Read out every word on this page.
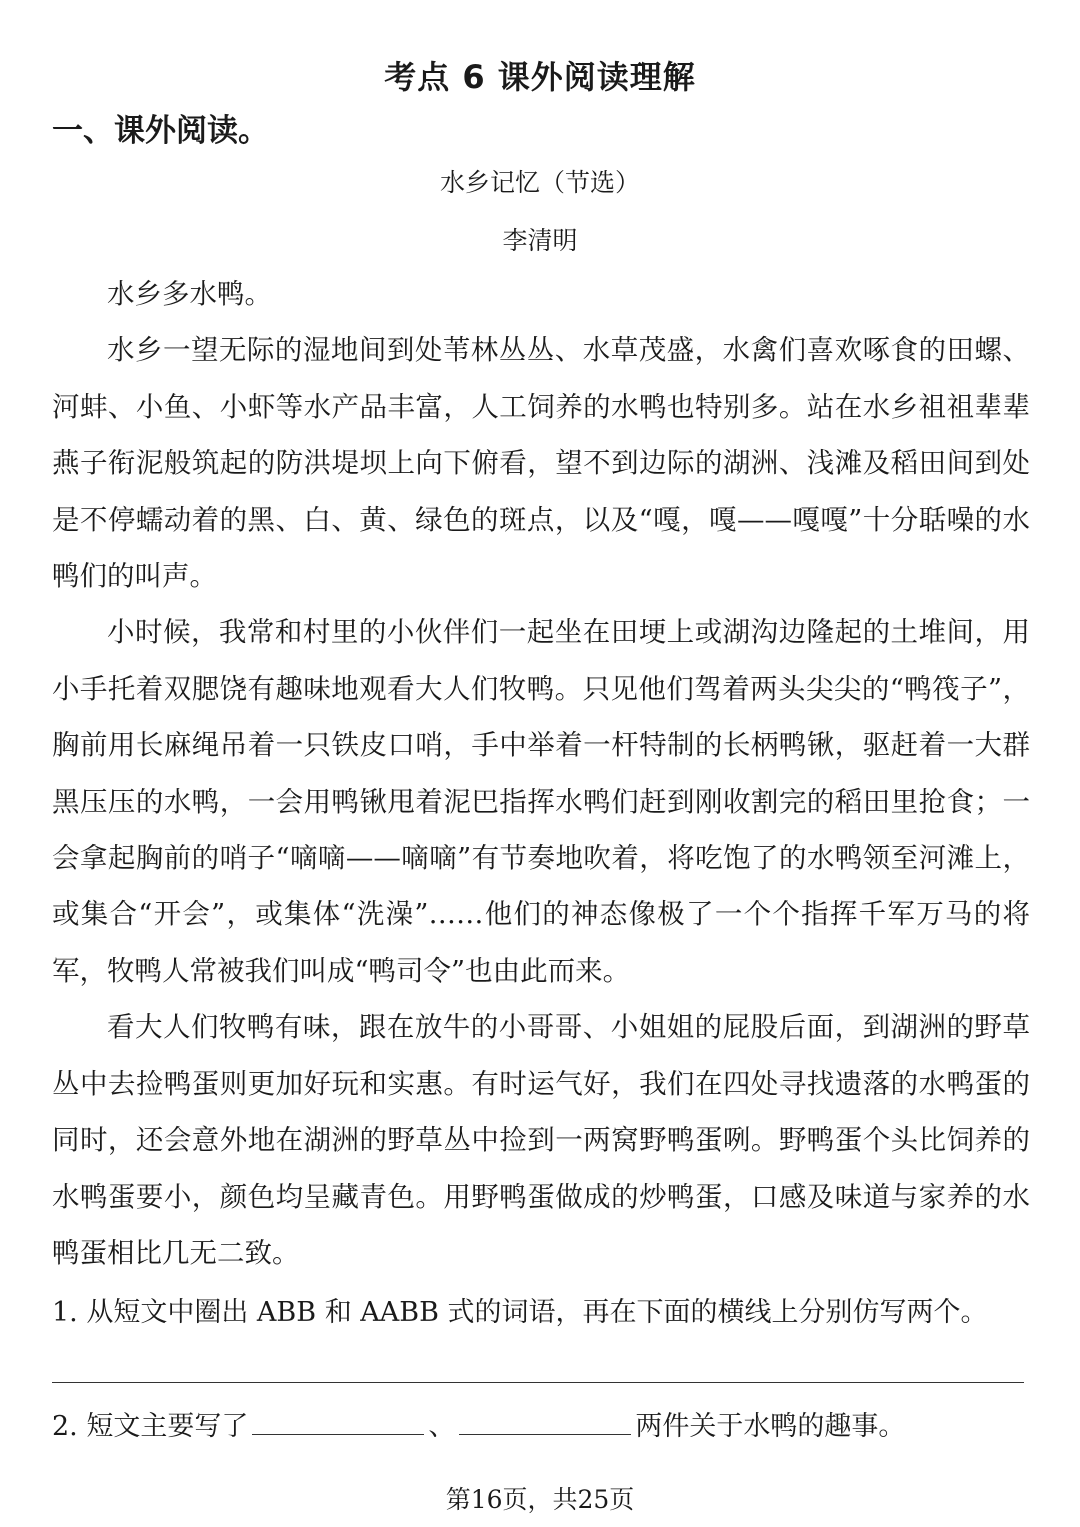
考点 6 课外阅读理解
一、课外阅读。
水乡记忆（节选）
李清明

水乡多水鸭。

水乡一望无际的湿地间到处苇林丛丛、水草茂盛，水禽们喜欢啄食的田螺、河蚌、小鱼、小虾等水产品丰富，人工饲养的水鸭也特别多。站在水乡祖祖辈辈燕子衔泥般筑起的防洪堤坝上向下俯看，望不到边际的湖洲、浅滩及稻田间到处是不停蠕动着的黑、白、黄、绿色的斑点，以及“嘎，嘎——嘎嘎”十分聒噪的水鸭们的叫声。

小时候，我常和村里的小伙伴们一起坐在田埂上或湖沟边隆起的土堆间，用小手托着双腮饶有趣味地观看大人们牧鸭。只见他们驾着两头尖尖的“鸭筏子”，胸前用长麻绳吊着一只铁皮口哨，手中举着一杆特制的长柄鸭锹，驱赶着一大群黑压压的水鸭，一会用鸭锹甩着泥巴指挥水鸭们赶到刚收割完的稻田里抢食；一会拿起胸前的哨子“嘀嘀——嘀嘀”有节奏地吹着，将吃饱了的水鸭领至河滩上，或集合“开会”，或集体“洗澡”……他们的神态像极了一个个指挥千军万马的将军，牧鸭人常被我们叫成“鸭司令”也由此而来。

看大人们牧鸭有味，跟在放牛的小哥哥、小姐姐的屁股后面，到湖洲的野草丛中去捡鸭蛋则更加好玩和实惠。有时运气好，我们在四处寻找遗落的水鸭蛋的同时，还会意外地在湖洲的野草丛中捡到一两窝野鸭蛋咧。野鸭蛋个头比饲养的水鸭蛋要小，颜色均呈藏青色。用野鸭蛋做成的炒鸭蛋，口感及味道与家养的水鸭蛋相比几无二致。

1. 从短文中圈出 ABB 和 AABB 式的词语，再在下面的横线上分别仿写两个。
2. 短文主要写了	、	两件关于水鸭的趣事。
第16页，共25页
